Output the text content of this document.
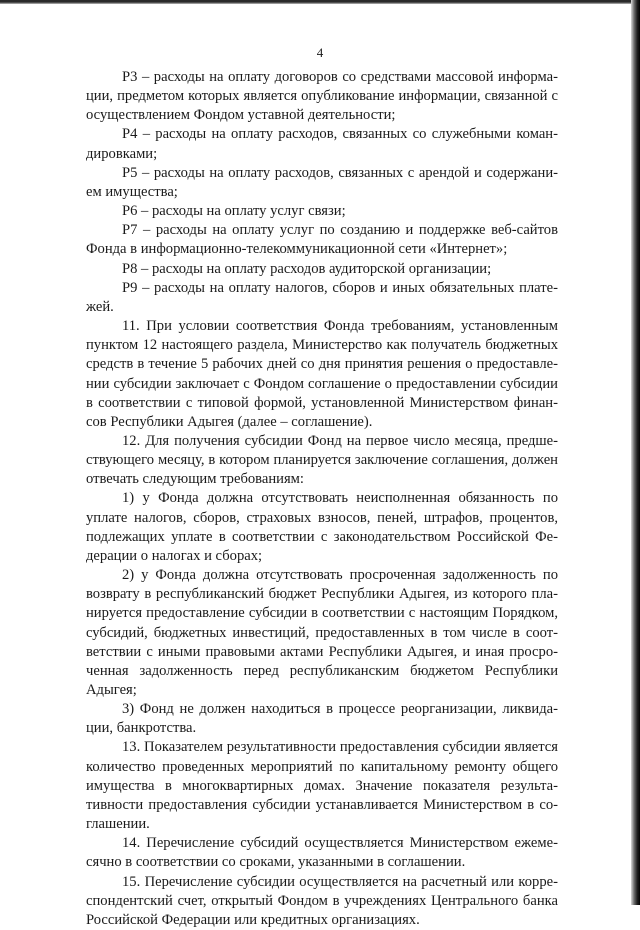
4

Р3 – расходы на оплату договоров со средствами массовой информации, предметом которых является опубликование информации, связанной с осуществлением Фондом уставной деятельности;

Р4 – расходы на оплату расходов, связанных со служебными командировками;

Р5 – расходы на оплату расходов, связанных с арендой и содержанием имущества;

Р6 – расходы на оплату услуг связи;

Р7 – расходы на оплату услуг по созданию и поддержке веб-сайтов Фонда в информационно-телекоммуникационной сети «Интернет»;

Р8 – расходы на оплату расходов аудиторской организации;

Р9 – расходы на оплату налогов, сборов и иных обязательных платежей.

11. При условии соответствия Фонда требованиям, установленным пунктом 12 настоящего раздела, Министерство как получатель бюджетных средств в течение 5 рабочих дней со дня принятия решения о предоставлении субсидии заключает с Фондом соглашение о предоставлении субсидии в соответствии с типовой формой, установленной Министерством финансов Республики Адыгея (далее – соглашение).

12. Для получения субсидии Фонд на первое число месяца, предшествующего месяцу, в котором планируется заключение соглашения, должен отвечать следующим требованиям:

1) у Фонда должна отсутствовать неисполненная обязанность по уплате налогов, сборов, страховых взносов, пеней, штрафов, процентов, подлежащих уплате в соответствии с законодательством Российской Федерации о налогах и сборах;

2) у Фонда должна отсутствовать просроченная задолженность по возврату в республиканский бюджет Республики Адыгея, из которого планируется предоставление субсидии в соответствии с настоящим Порядком, субсидий, бюджетных инвестиций, предоставленных в том числе в соответствии с иными правовыми актами Республики Адыгея, и иная просроченная задолженность перед республиканским бюджетом Республики Адыгея;

3) Фонд не должен находиться в процессе реорганизации, ликвидации, банкротства.

13. Показателем результативности предоставления субсидии является количество проведенных мероприятий по капитальному ремонту общего имущества в многоквартирных домах. Значение показателя результативности предоставления субсидии устанавливается Министерством в соглашении.

14. Перечисление субсидий осуществляется Министерством ежемесячно в соответствии со сроками, указанными в соглашении.

15. Перечисление субсидии осуществляется на расчетный или корреспондентский счет, открытый Фондом в учреждениях Центрального банка Российской Федерации или кредитных организациях.
